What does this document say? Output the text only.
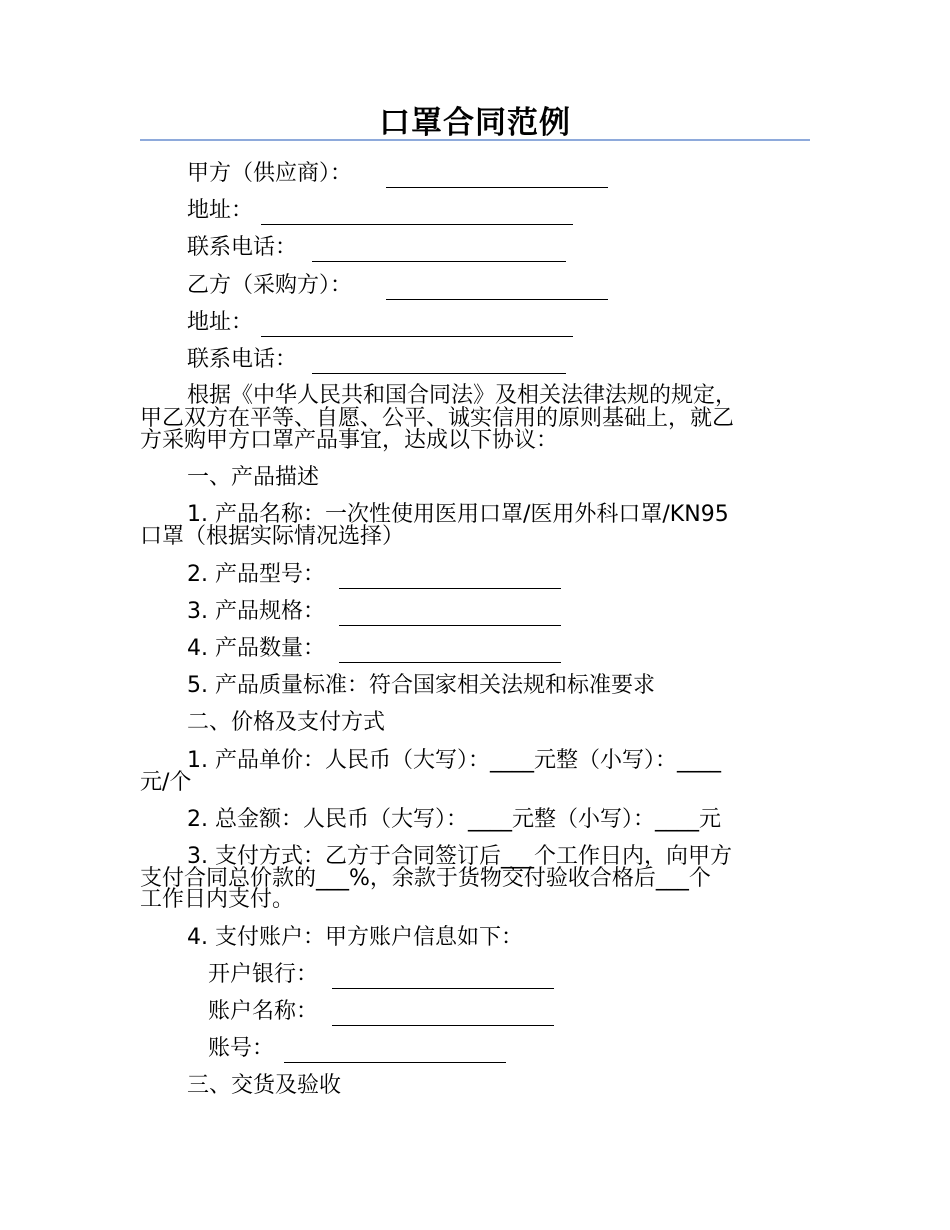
口罩合同范例

甲方（供应商）：

地址：

联系电话：

乙方（采购方）：

地址：

联系电话：

根据《中华人民共和国合同法》及相关法律法规的规定，

甲乙双方在平等、自愿、公平、诚实信用的原则基础上，就乙

方采购甲方口罩产品事宜，达成以下协议：

一、产品描述

1. 产品名称：一次性使用医用口罩/医用外科口罩/KN95

口罩（根据实际情况选择）

2. 产品型号：

3. 产品规格：

4. 产品数量：

5. 产品质量标准：符合国家相关法规和标准要求

二、价格及支付方式

1. 产品单价：人民币（大写）：____元整（小写）：____

元/个

2. 总金额：人民币（大写）：____元整（小写）：____元

3. 支付方式：乙方于合同签订后___个工作日内，向甲方

支付合同总价款的___%，余款于货物交付验收合格后___个

工作日内支付。

4. 支付账户：甲方账户信息如下：

开户银行：

账户名称：

账号：

三、交货及验收
